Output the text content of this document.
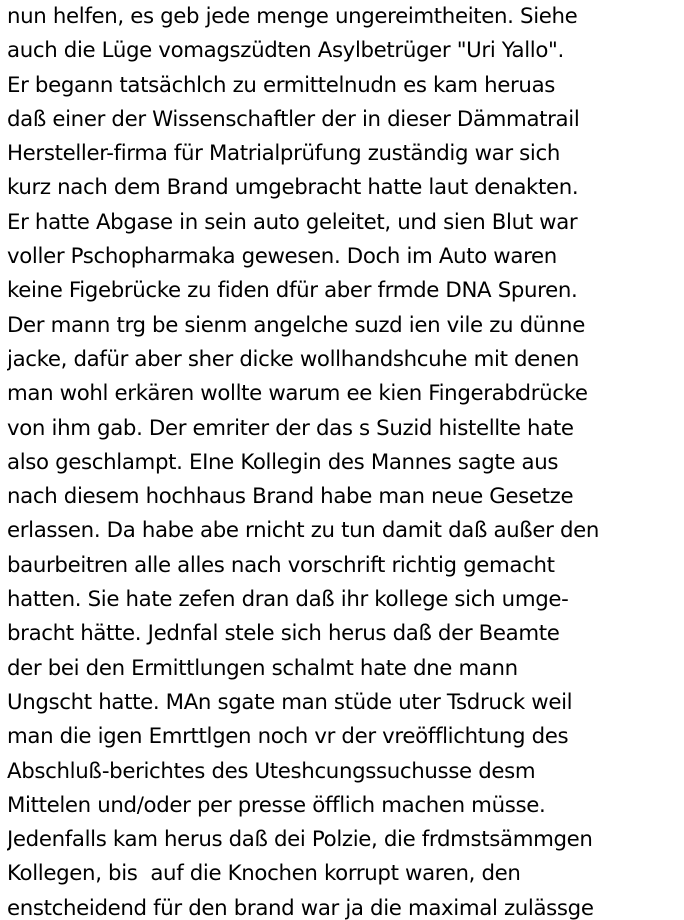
nun helfen, es geb jede menge ungereimtheiten. Siehe
auch die Lüge vomagszüdten Asylbetrüger "Uri Yallo".
Er begann tatsächlch zu ermittelnudn es kam heruas
daß einer der Wissenschaftler der in dieser Dämmatrail
Hersteller-firma für Matrialprüfung zuständig war sich
kurz nach dem Brand umgebracht hatte laut denakten.
Er hatte Abgase in sein auto geleitet, und sien Blut war
voller Pschopharmaka gewesen. Doch im Auto waren
keine Figebrücke zu fiden dfür aber frmde DNA Spuren.
Der mann trg be sienm angelche suzd ien vile zu dünne
jacke, dafür aber sher dicke wollhandshcuhe mit denen
man wohl erkären wollte warum ee kien Fingerabdrücke
von ihm gab. Der emriter der das s Suzid histellte hate
also geschlampt. EIne Kollegin des Mannes sagte aus
nach diesem hochhaus Brand habe man neue Gesetze
erlassen. Da habe abe rnicht zu tun damit daß außer den
baurbeitren alle alles nach vorschrift richtig gemacht
hatten. Sie hate zefen dran daß ihr kollege sich umge-
bracht hätte. Jednfal stele sich herus daß der Beamte
der bei den Ermittlungen schalmt hate dne mann
Ungscht hatte. MAn sgate man stüde uter Tsdruck weil
man die igen Emrttlgen noch vr der vreöfflichtung des
Abschluß-berichtes des Uteshcungssuchusse desm
Mittelen und/oder per presse öfflich machen müsse.
Jedenfalls kam herus daß dei Polzie, die frdmstsämmgen
Kollegen, bis  auf die Knochen korrupt waren, den
enstcheidend für den brand war ja die maximal zulässge
